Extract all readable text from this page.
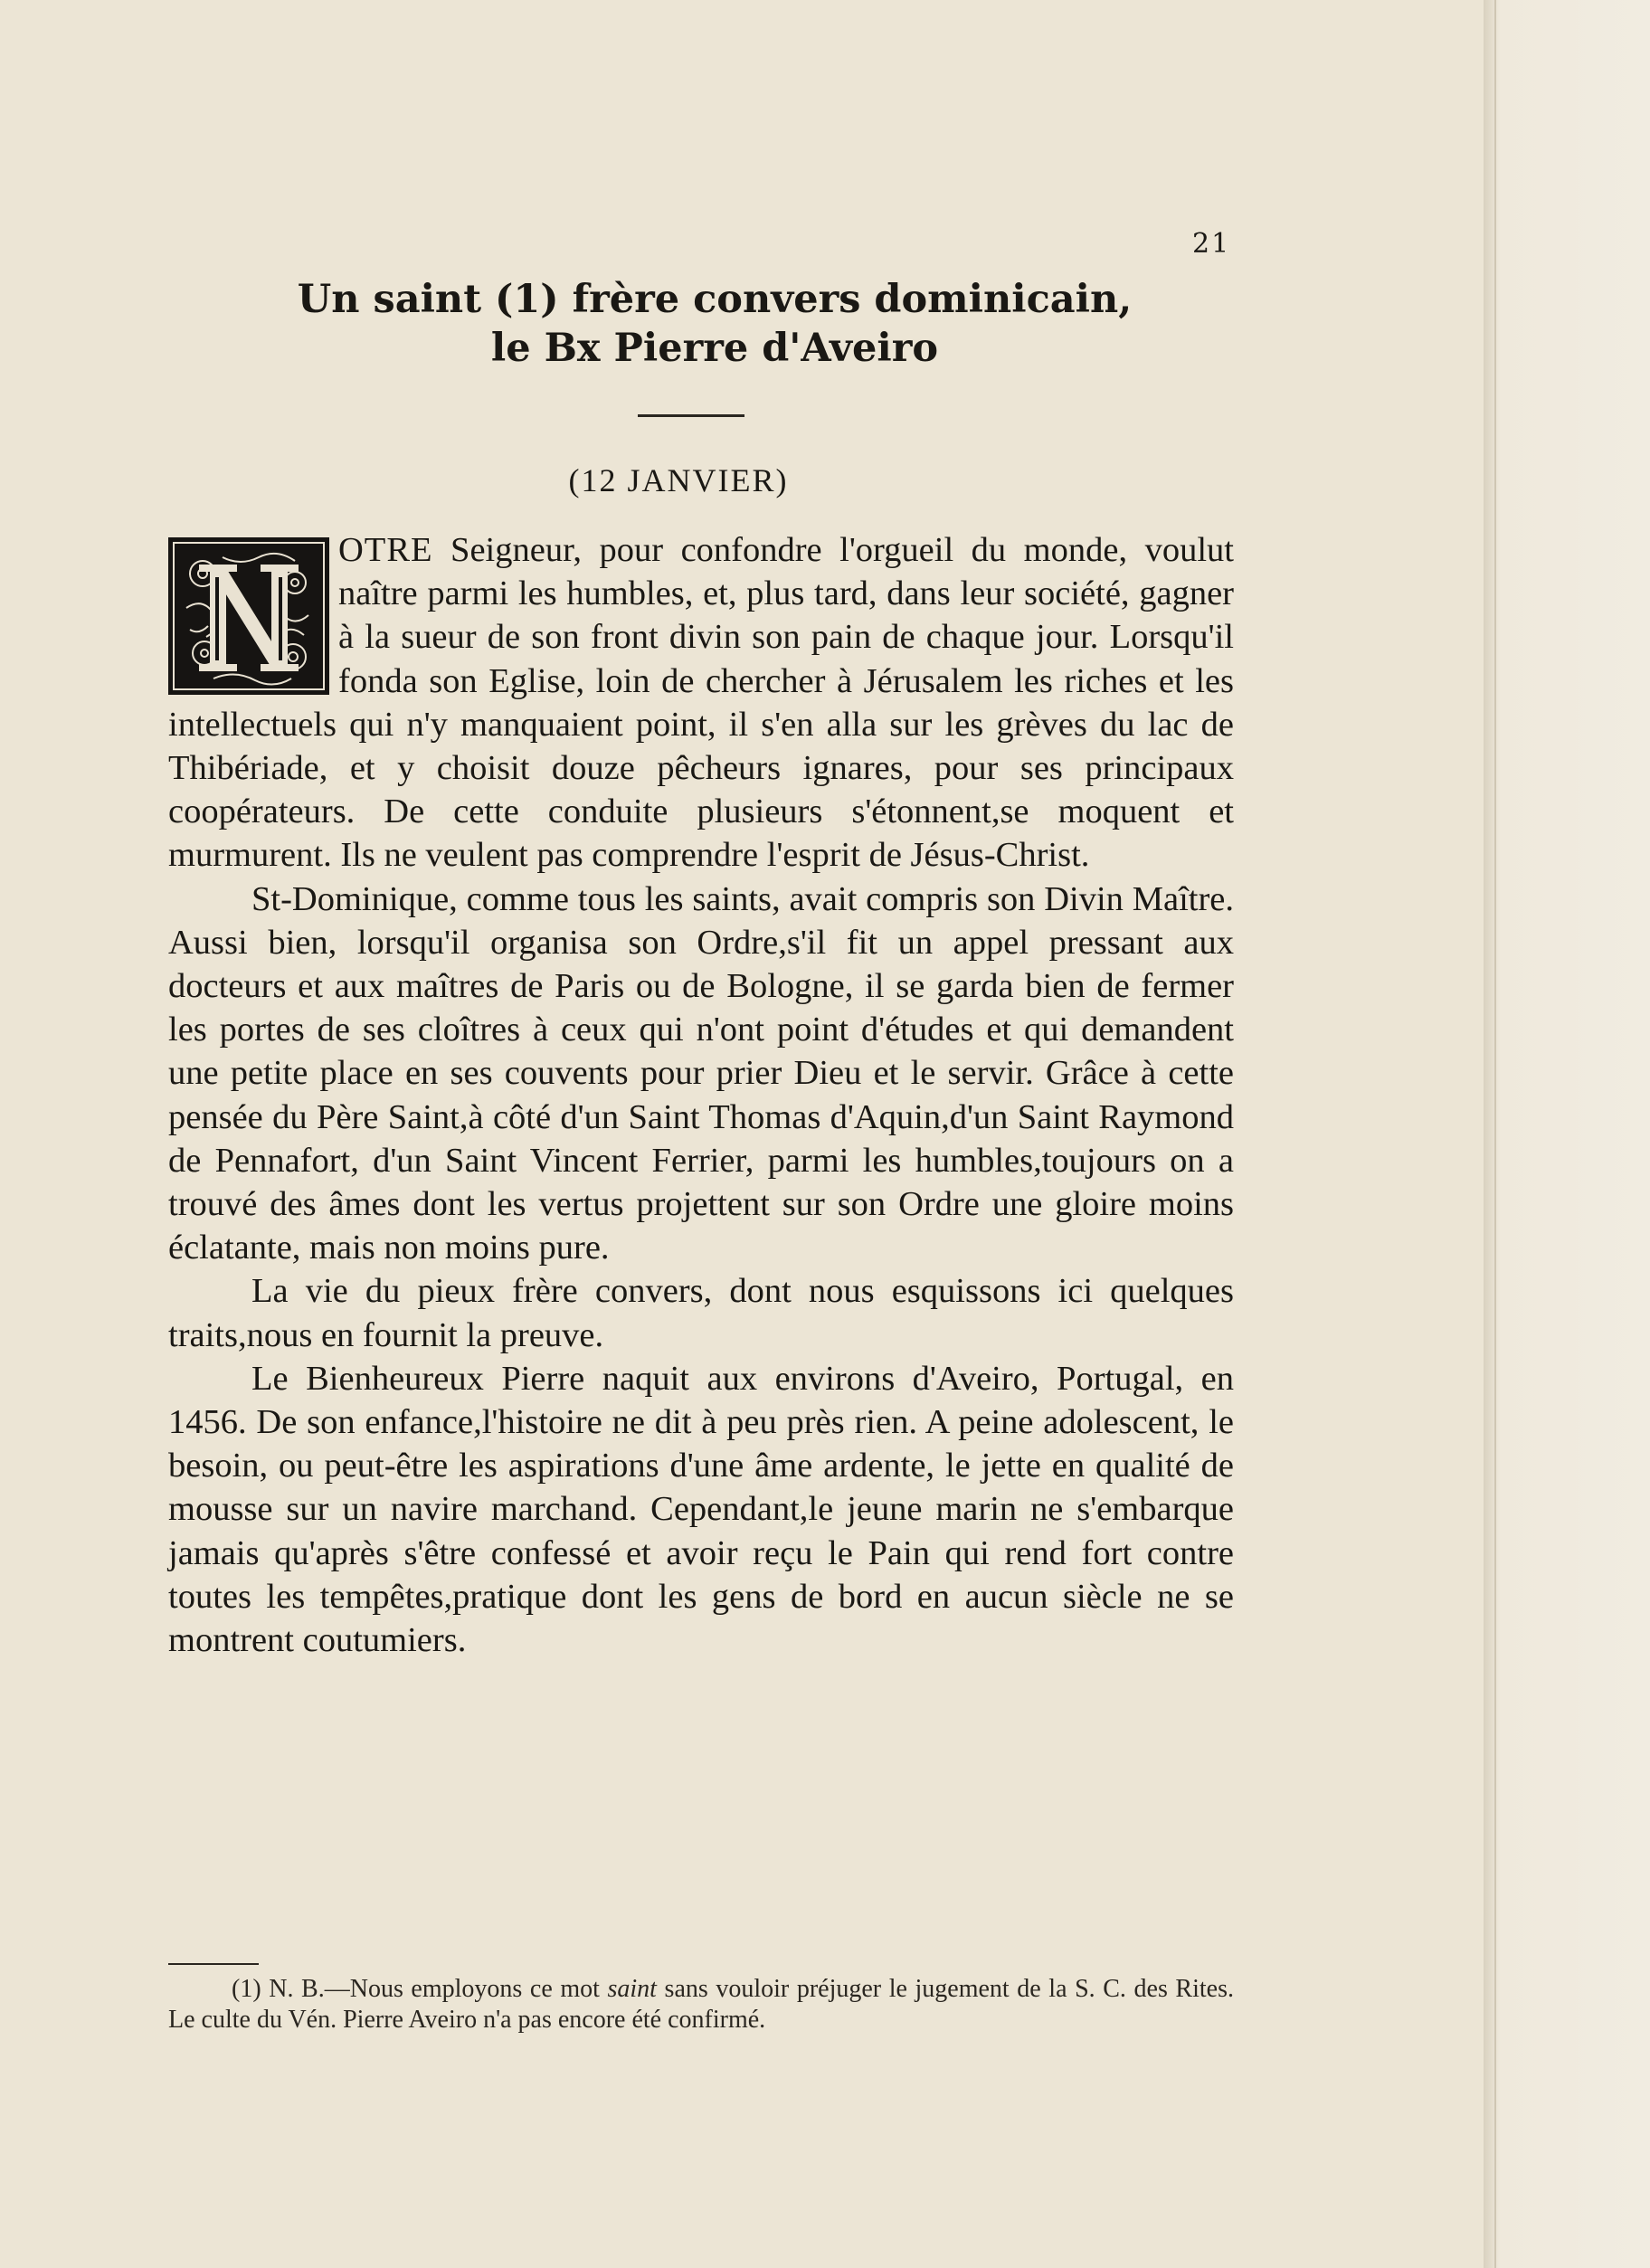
21
Un saint (1) frère convers dominicain,
le Bx Pierre d'Aveiro
(12 JANVIER)

OTRE Seigneur, pour confondre l'orgueil du monde, voulut naître parmi les humbles, et, plus tard, dans leur société, gagner à la sueur de son front divin son pain de chaque jour. Lorsqu'il fonda son Eglise, loin de chercher à Jérusalem les riches et les intellectuels qui n'y manquaient point, il s'en alla sur les grèves du lac de Thibériade, et y choisit douze pêcheurs ignares, pour ses principaux coopérateurs. De cette conduite plusieurs s'étonnent,se moquent et murmurent. Ils ne veulent pas comprendre l'esprit de Jésus-Christ.

St-Dominique, comme tous les saints, avait compris son Divin Maître. Aussi bien, lorsqu'il organisa son Ordre,s'il fit un appel pressant aux docteurs et aux maîtres de Paris ou de Bologne, il se garda bien de fermer les portes de ses cloîtres à ceux qui n'ont point d'études et qui demandent une petite place en ses couvents pour prier Dieu et le servir. Grâce à cette pensée du Père Saint,à côté d'un Saint Thomas d'Aquin,d'un Saint Raymond de Pennafort, d'un Saint Vincent Ferrier, parmi les humbles,toujours on a trouvé des âmes dont les vertus projettent sur son Ordre une gloire moins éclatante, mais non moins pure.

La vie du pieux frère convers, dont nous esquissons ici quelques traits,nous en fournit la preuve.

Le Bienheureux Pierre naquit aux environs d'Aveiro, Portugal, en 1456. De son enfance,l'histoire ne dit à peu près rien. A peine adolescent, le besoin, ou peut-être les aspirations d'une âme ardente, le jette en qualité de mousse sur un navire marchand. Cependant,le jeune marin ne s'embarque jamais qu'après s'être confessé et avoir reçu le Pain qui rend fort contre toutes les tempêtes,pratique dont les gens de bord en aucun siècle ne se montrent coutumiers.

(1) N. B.—Nous employons ce mot saint sans vouloir préjuger le jugement de la S. C. des Rites. Le culte du Vén. Pierre Aveiro n'a pas encore été confirmé.
